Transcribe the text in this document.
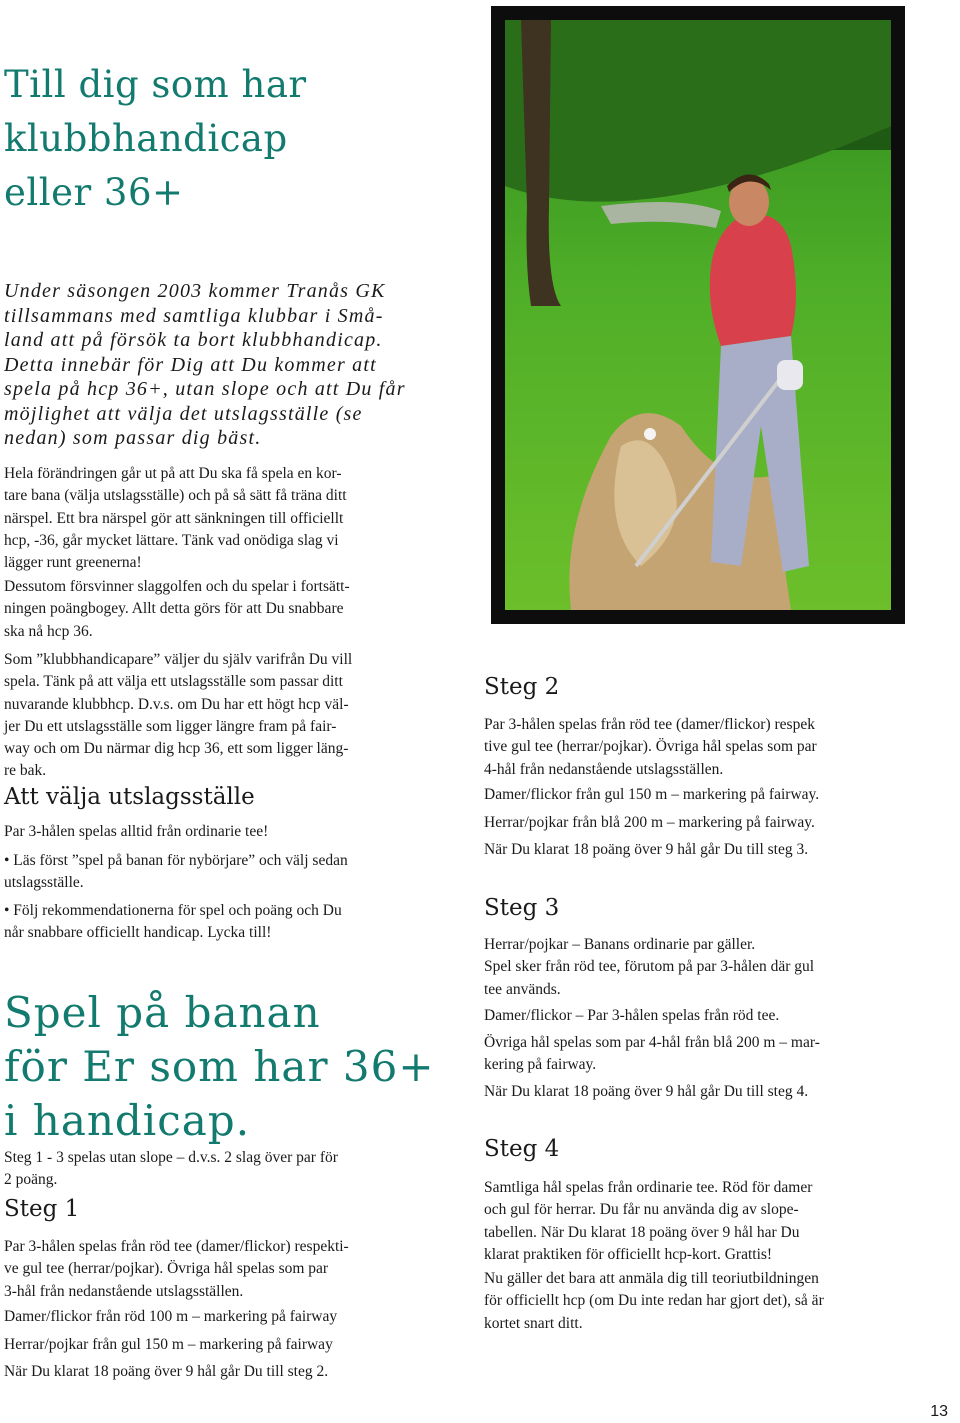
Till dig som har
klubbhandicap
eller 36+
Under säsongen 2003 kommer Tranås GK
tillsammans med samtliga klubbar i Små-
land att på försök ta bort klubbhandicap.
Detta innebär för Dig att Du kommer att
spela på hcp 36+, utan slope och att Du får
möjlighet att välja det utslagsställe (se
nedan) som passar dig bäst.
Hela förändringen går ut på att Du ska få spela en kor-
tare bana (välja utslagsställe) och på så sätt få träna ditt
närspel. Ett bra närspel gör att sänkningen till officiellt
hcp, -36, går mycket lättare. Tänk vad onödiga slag vi
lägger runt greenerna!
Dessutom försvinner slaggolfen och du spelar i fortsätt-
ningen poängbogey. Allt detta görs för att Du snabbare
ska nå hcp 36.
Som ”klubbhandicapare” väljer du själv varifrån Du vill
spela. Tänk på att välja ett utslagsställe som passar ditt
nuvarande klubbhcp. D.v.s. om Du har ett högt hcp väl-
jer Du ett utslagsställe som ligger längre fram på fair-
way och om Du närmar dig hcp 36, ett som ligger läng-
re bak.
Att välja utslagsställe
Par 3-hålen spelas alltid från ordinarie tee!
• Läs först ”spel på banan för nybörjare” och välj sedan
utslagsställe.
• Följ rekommendationerna för spel och poäng och Du
når snabbare officiellt handicap. Lycka till!
Spel på banan
för Er som har 36+
i handicap.
Steg 1 - 3 spelas utan slope – d.v.s. 2 slag över par för
2 poäng.
Steg 1
Par 3-hålen spelas från röd tee (damer/flickor) respekti-
ve gul tee (herrar/pojkar). Övriga hål spelas som par
3-hål från nedanstående utslagsställen.
Damer/flickor från röd 100 m – markering på fairway
Herrar/pojkar från gul 150 m – markering på fairway
När Du klarat 18 poäng över 9 hål går Du till steg 2.
Steg 2
Par 3-hålen spelas från röd tee (damer/flickor) respek
tive gul tee (herrar/pojkar). Övriga hål spelas som par
4-hål från nedanstående utslagsställen.
Damer/flickor från gul 150 m – markering på fairway.
Herrar/pojkar från blå 200 m – markering på fairway.
När Du klarat 18 poäng över 9 hål går Du till steg 3.
Steg 3
Herrar/pojkar – Banans ordinarie par gäller.
Spel sker från röd tee, förutom på par 3-hålen där gul
tee används.
Damer/flickor – Par 3-hålen spelas från röd tee.
Övriga hål spelas som par 4-hål från blå 200 m – mar-
kering på fairway.
När Du klarat 18 poäng över 9 hål går Du till steg 4.
Steg 4
Samtliga hål spelas från ordinarie tee. Röd för damer
och gul för herrar. Du får nu använda dig av slope-
tabellen. När Du klarat 18 poäng över 9 hål har Du
klarat praktiken för officiellt hcp-kort. Grattis!
Nu gäller det bara att anmäla dig till teoriutbildningen
för officiellt hcp (om Du inte redan har gjort det), så är
kortet snart ditt.
13
